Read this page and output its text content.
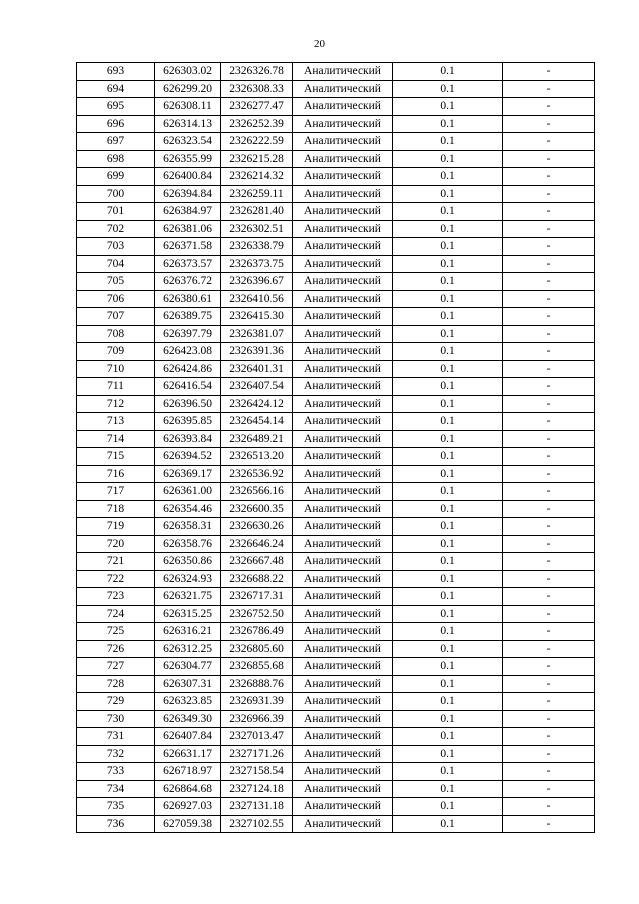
20
693	626303.02	2326326.78	Аналитический	0.1	-
694	626299.20	2326308.33	Аналитический	0.1	-
695	626308.11	2326277.47	Аналитический	0.1	-
696	626314.13	2326252.39	Аналитический	0.1	-
697	626323.54	2326222.59	Аналитический	0.1	-
698	626355.99	2326215.28	Аналитический	0.1	-
699	626400.84	2326214.32	Аналитический	0.1	-
700	626394.84	2326259.11	Аналитический	0.1	-
701	626384.97	2326281.40	Аналитический	0.1	-
702	626381.06	2326302.51	Аналитический	0.1	-
703	626371.58	2326338.79	Аналитический	0.1	-
704	626373.57	2326373.75	Аналитический	0.1	-
705	626376.72	2326396.67	Аналитический	0.1	-
706	626380.61	2326410.56	Аналитический	0.1	-
707	626389.75	2326415.30	Аналитический	0.1	-
708	626397.79	2326381.07	Аналитический	0.1	-
709	626423.08	2326391.36	Аналитический	0.1	-
710	626424.86	2326401.31	Аналитический	0.1	-
711	626416.54	2326407.54	Аналитический	0.1	-
712	626396.50	2326424.12	Аналитический	0.1	-
713	626395.85	2326454.14	Аналитический	0.1	-
714	626393.84	2326489.21	Аналитический	0.1	-
715	626394.52	2326513.20	Аналитический	0.1	-
716	626369.17	2326536.92	Аналитический	0.1	-
717	626361.00	2326566.16	Аналитический	0.1	-
718	626354.46	2326600.35	Аналитический	0.1	-
719	626358.31	2326630.26	Аналитический	0.1	-
720	626358.76	2326646.24	Аналитический	0.1	-
721	626350.86	2326667.48	Аналитический	0.1	-
722	626324.93	2326688.22	Аналитический	0.1	-
723	626321.75	2326717.31	Аналитический	0.1	-
724	626315.25	2326752.50	Аналитический	0.1	-
725	626316.21	2326786.49	Аналитический	0.1	-
726	626312.25	2326805.60	Аналитический	0.1	-
727	626304.77	2326855.68	Аналитический	0.1	-
728	626307.31	2326888.76	Аналитический	0.1	-
729	626323.85	2326931.39	Аналитический	0.1	-
730	626349.30	2326966.39	Аналитический	0.1	-
731	626407.84	2327013.47	Аналитический	0.1	-
732	626631.17	2327171.26	Аналитический	0.1	-
733	626718.97	2327158.54	Аналитический	0.1	-
734	626864.68	2327124.18	Аналитический	0.1	-
735	626927.03	2327131.18	Аналитический	0.1	-
736	627059.38	2327102.55	Аналитический	0.1	-
